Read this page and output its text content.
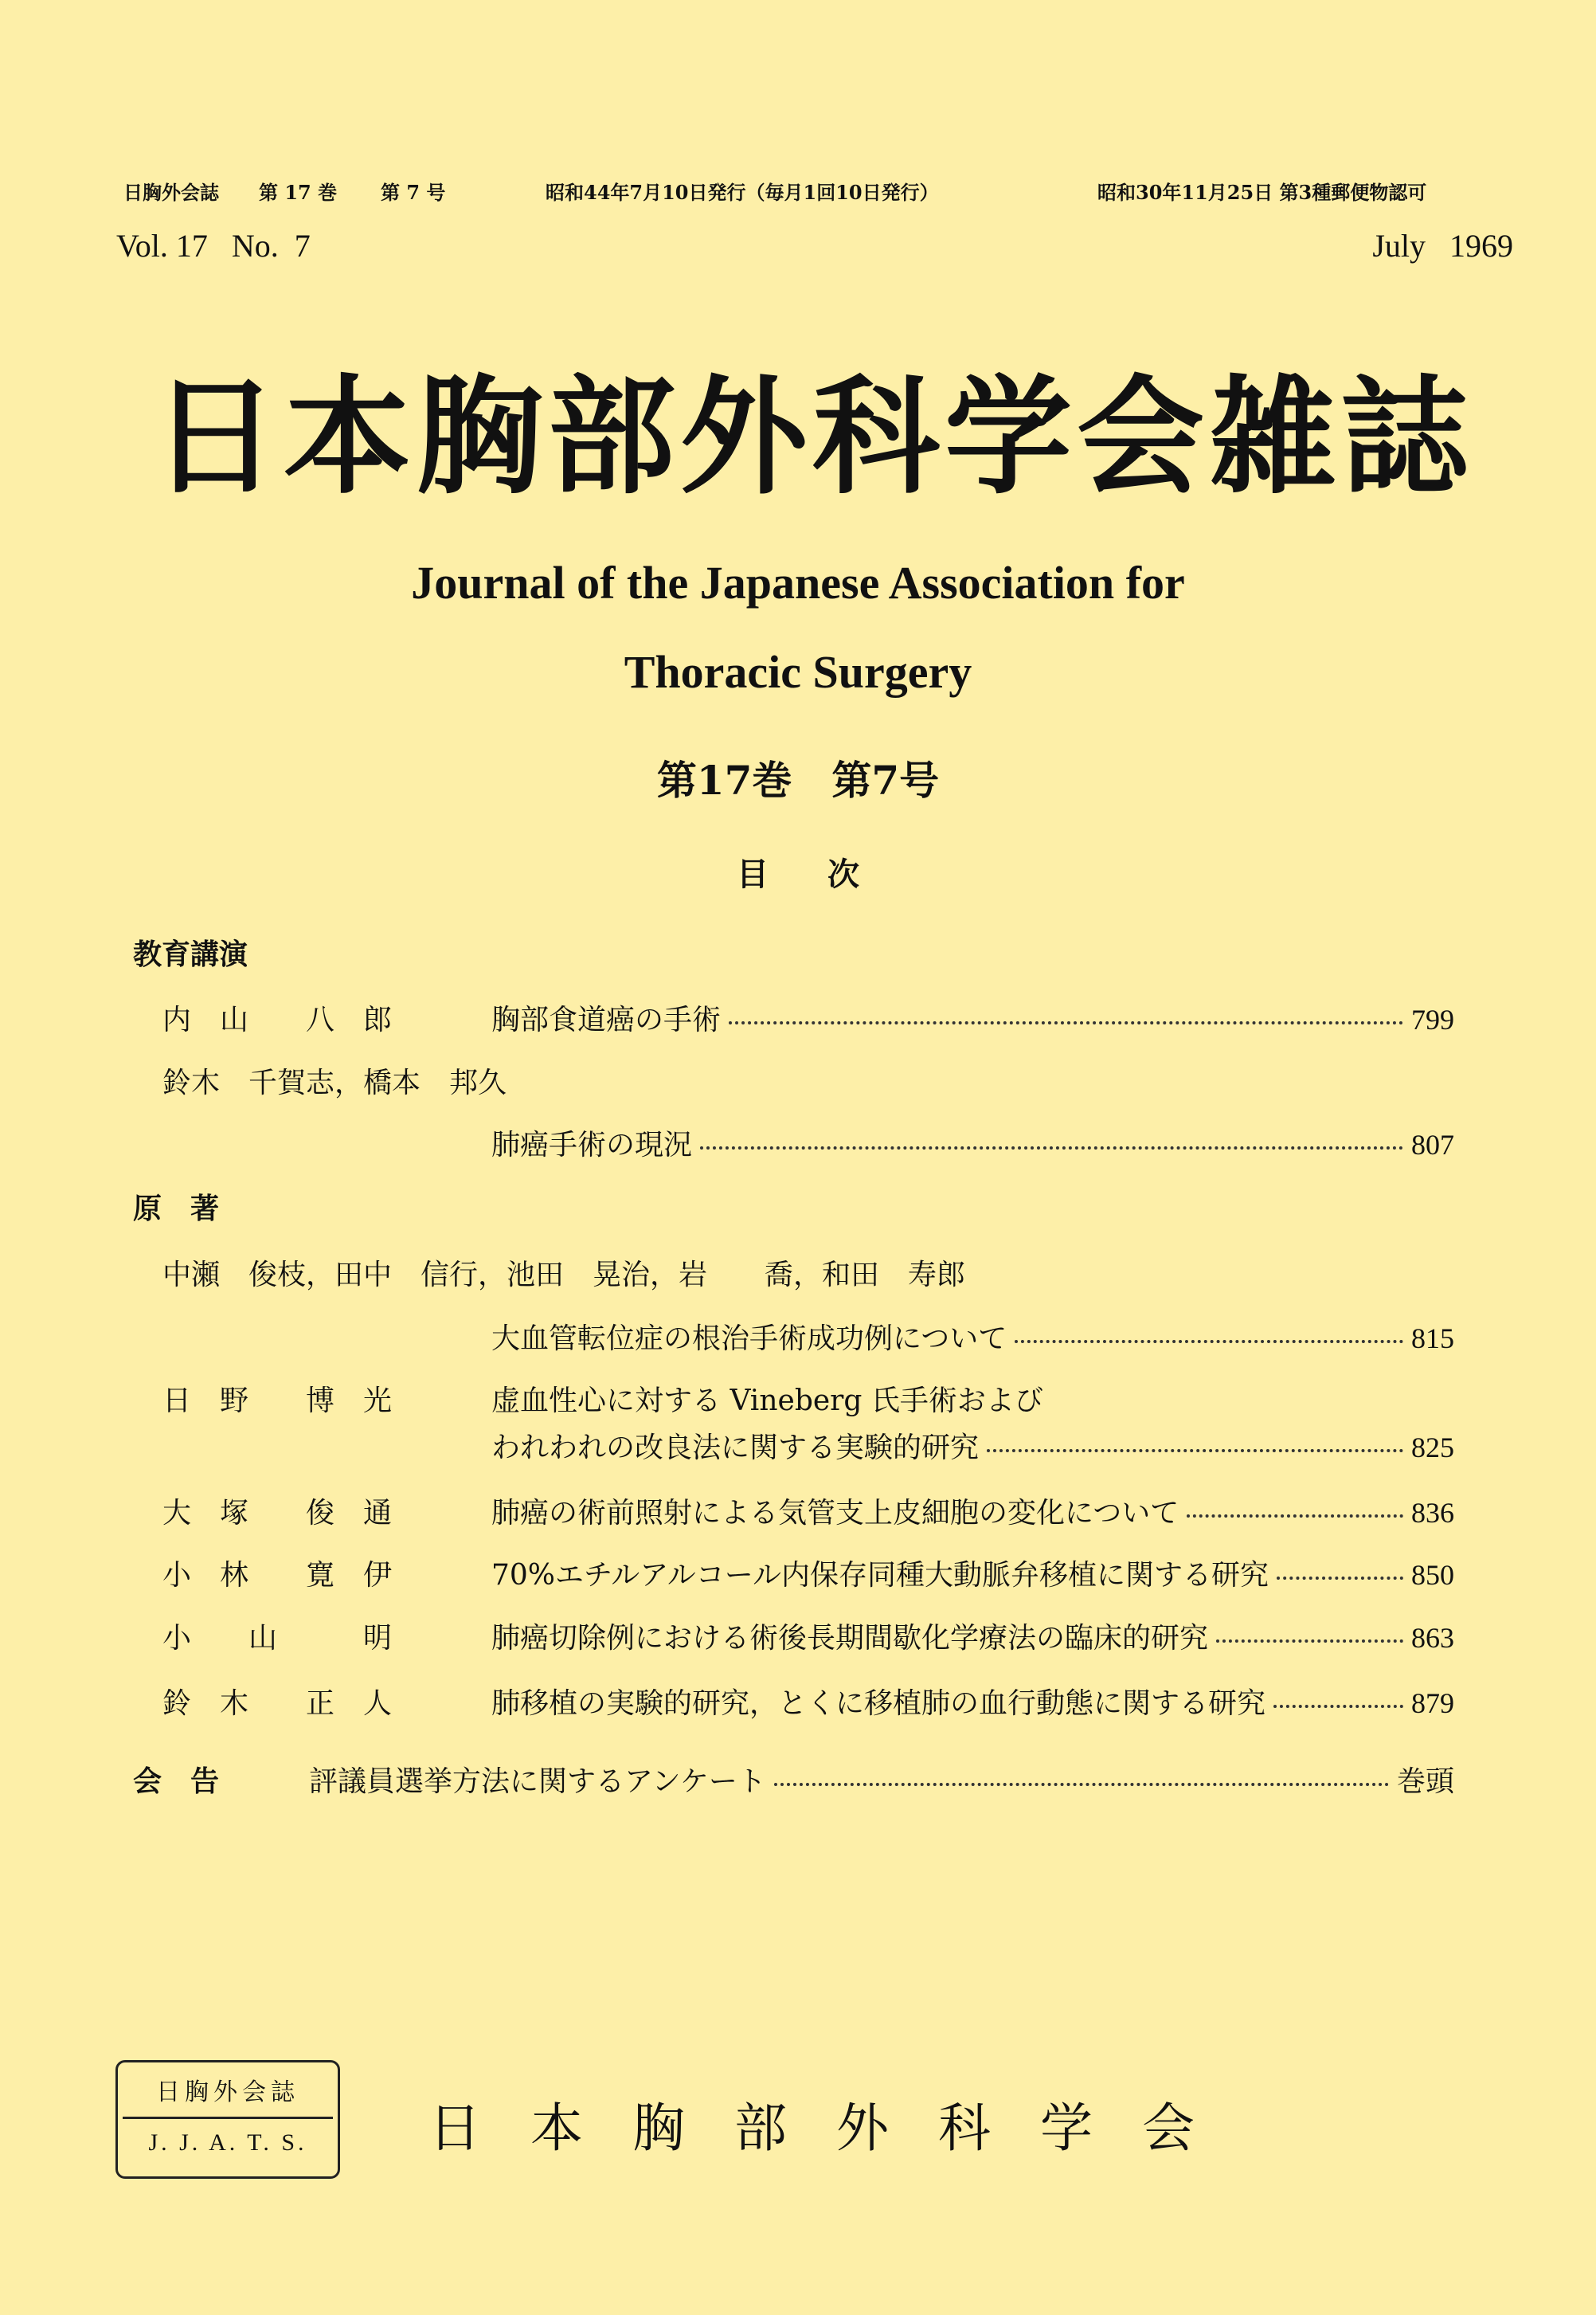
日胸外会誌 第 17 巻 第 7 号	昭和44年7月10日発行（毎月1回10日発行）	昭和30年11月25日 第3種郵便物認可
Vol. 17   No.  7	July   1969
日本胸部外科学会雑誌
Journal of the Japanese Association for
Thoracic Surgery
第17巻　第7号
目 次
教育講演
内　山　　八　郎	胸部食道癌の手術	799
鈴木　千賀志，橋本　邦久
肺癌手術の現況	807
原　著
中瀬　俊枝，田中　信行，池田　晃治，岩　　喬，和田　寿郎
大血管転位症の根治手術成功例について	815
日　野　　博　光	虚血性心に対する Vineberg 氏手術および
われわれの改良法に関する実験的研究	825
大　塚　　俊　通	肺癌の術前照射による気管支上皮細胞の変化について	836
小　林　　寛　伊	70%エチルアルコール内保存同種大動脈弁移植に関する研究	850
小　　山　　　明	肺癌切除例における術後長期間歇化学療法の臨床的研究	863
鈴　木　　正　人	肺移植の実験的研究，とくに移植肺の血行動態に関する研究	879
会　告	評議員選挙方法に関するアンケート	巻頭
日胸外会誌
J. J. A. T. S.	日本胸部外科学会
